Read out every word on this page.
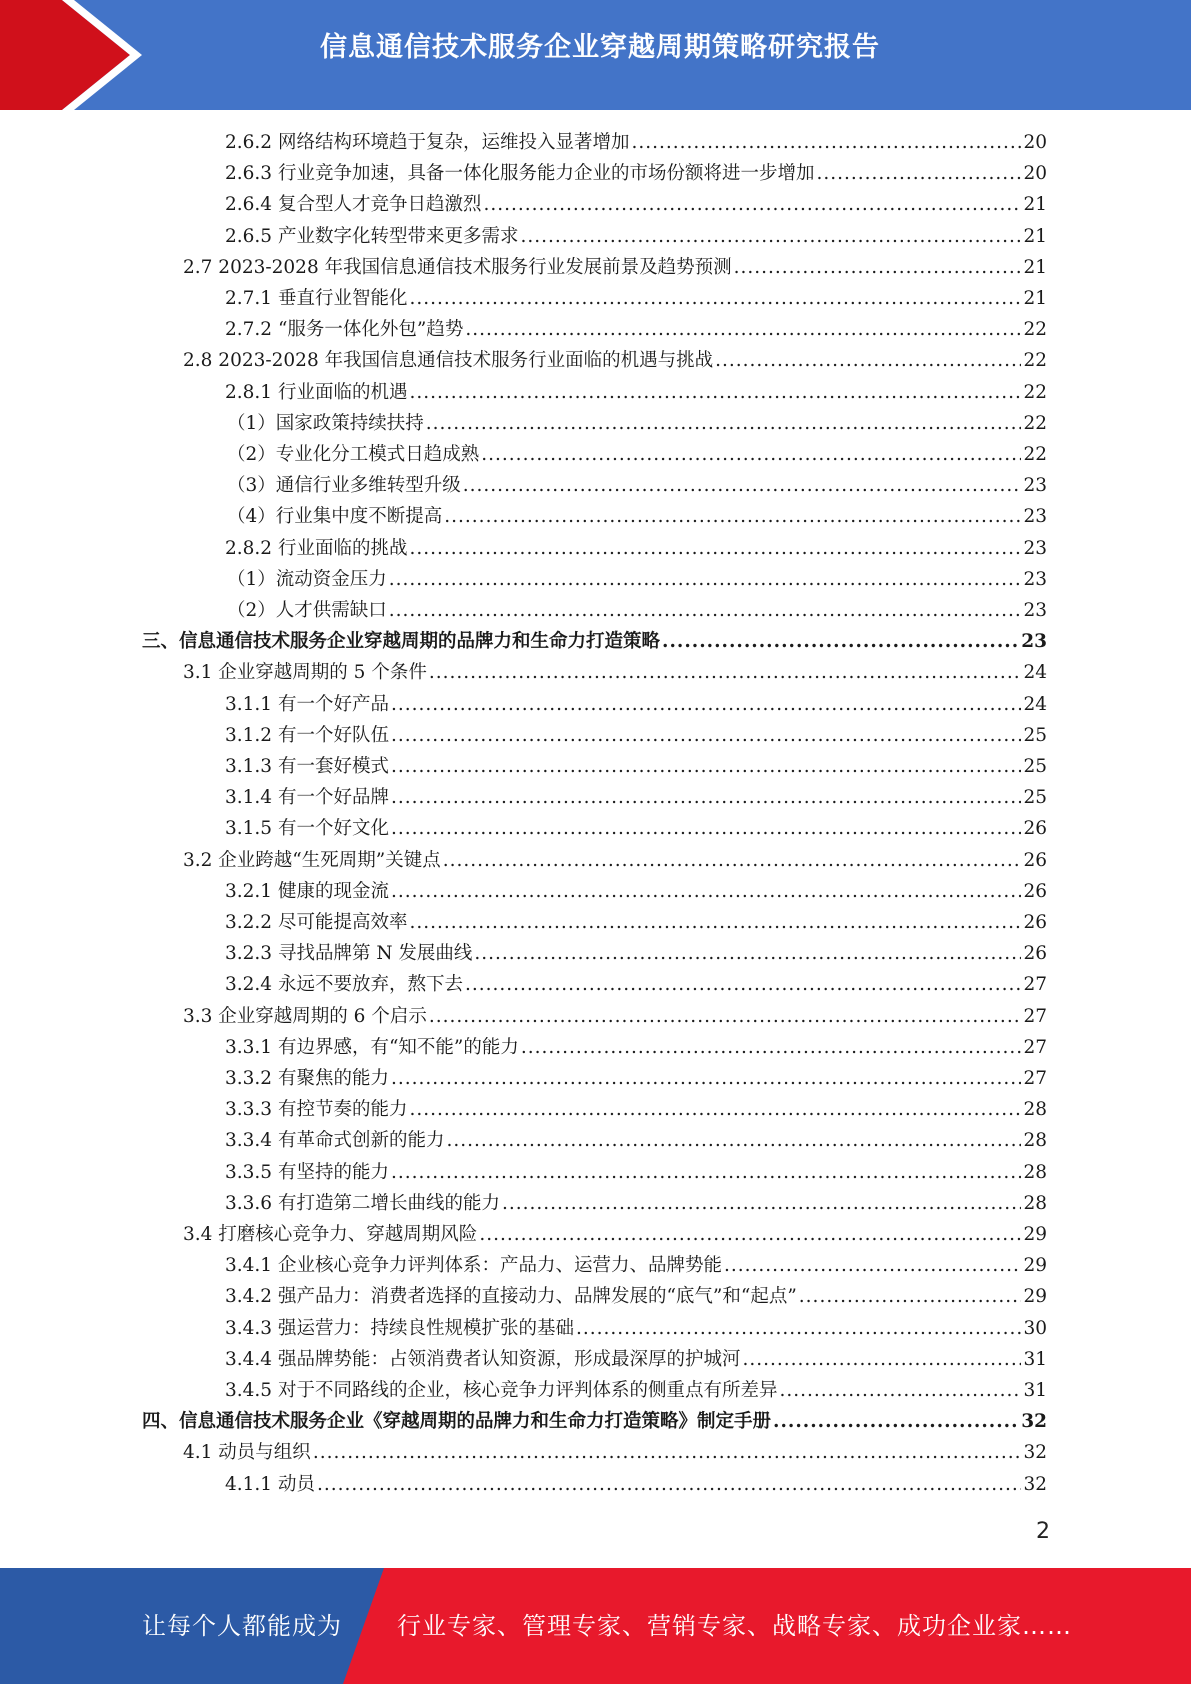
信息通信技术服务企业穿越周期策略研究报告
2.6.2 网络结构环境趋于复杂，运维投入显著增加 .....	20
2.6.3 行业竞争加速，具备一体化服务能力企业的市场份额将进一步增加 .....	20
2.6.4 复合型人才竞争日趋激烈 .....	21
2.6.5 产业数字化转型带来更多需求 .....	21
2.7 2023-2028 年我国信息通信技术服务行业发展前景及趋势预测 .....	21
2.7.1 垂直行业智能化 .....	21
2.7.2 “服务一体化外包”趋势 .....	22
2.8 2023-2028 年我国信息通信技术服务行业面临的机遇与挑战 .....	22
2.8.1 行业面临的机遇 .....	22
（1）国家政策持续扶持 .....	22
（2）专业化分工模式日趋成熟 .....	22
（3）通信行业多维转型升级 .....	23
（4）行业集中度不断提高 .....	23
2.8.2 行业面临的挑战 .....	23
（1）流动资金压力 .....	23
（2）人才供需缺口 .....	23
三、信息通信技术服务企业穿越周期的品牌力和生命力打造策略 .....	23
3.1 企业穿越周期的 5 个条件 .....	24
3.1.1 有一个好产品 .....	24
3.1.2 有一个好队伍 .....	25
3.1.3 有一套好模式 .....	25
3.1.4 有一个好品牌 .....	25
3.1.5 有一个好文化 .....	26
3.2 企业跨越“生死周期”关键点 .....	26
3.2.1 健康的现金流 .....	26
3.2.2 尽可能提高效率 .....	26
3.2.3 寻找品牌第 N 发展曲线 .....	26
3.2.4 永远不要放弃，熬下去 .....	27
3.3 企业穿越周期的 6 个启示 .....	27
3.3.1 有边界感，有“知不能”的能力 .....	27
3.3.2 有聚焦的能力 .....	27
3.3.3 有控节奏的能力 .....	28
3.3.4 有革命式创新的能力 .....	28
3.3.5 有坚持的能力 .....	28
3.3.6 有打造第二增长曲线的能力 .....	28
3.4 打磨核心竞争力、穿越周期风险 .....	29
3.4.1 企业核心竞争力评判体系：产品力、运营力、品牌势能 .....	29
3.4.2 强产品力：消费者选择的直接动力、品牌发展的“底气”和“起点” .....	29
3.4.3 强运营力：持续良性规模扩张的基础 .....	30
3.4.4 强品牌势能：占领消费者认知资源，形成最深厚的护城河 .....	31
3.4.5 对于不同路线的企业，核心竞争力评判体系的侧重点有所差异 .....	31
四、信息通信技术服务企业《穿越周期的品牌力和生命力打造策略》制定手册 .....	32
4.1 动员与组织 .....	32
4.1.1 动员 .....	32
2
让每个人都能成为 行业专家、管理专家、营销专家、战略专家、成功企业家……
